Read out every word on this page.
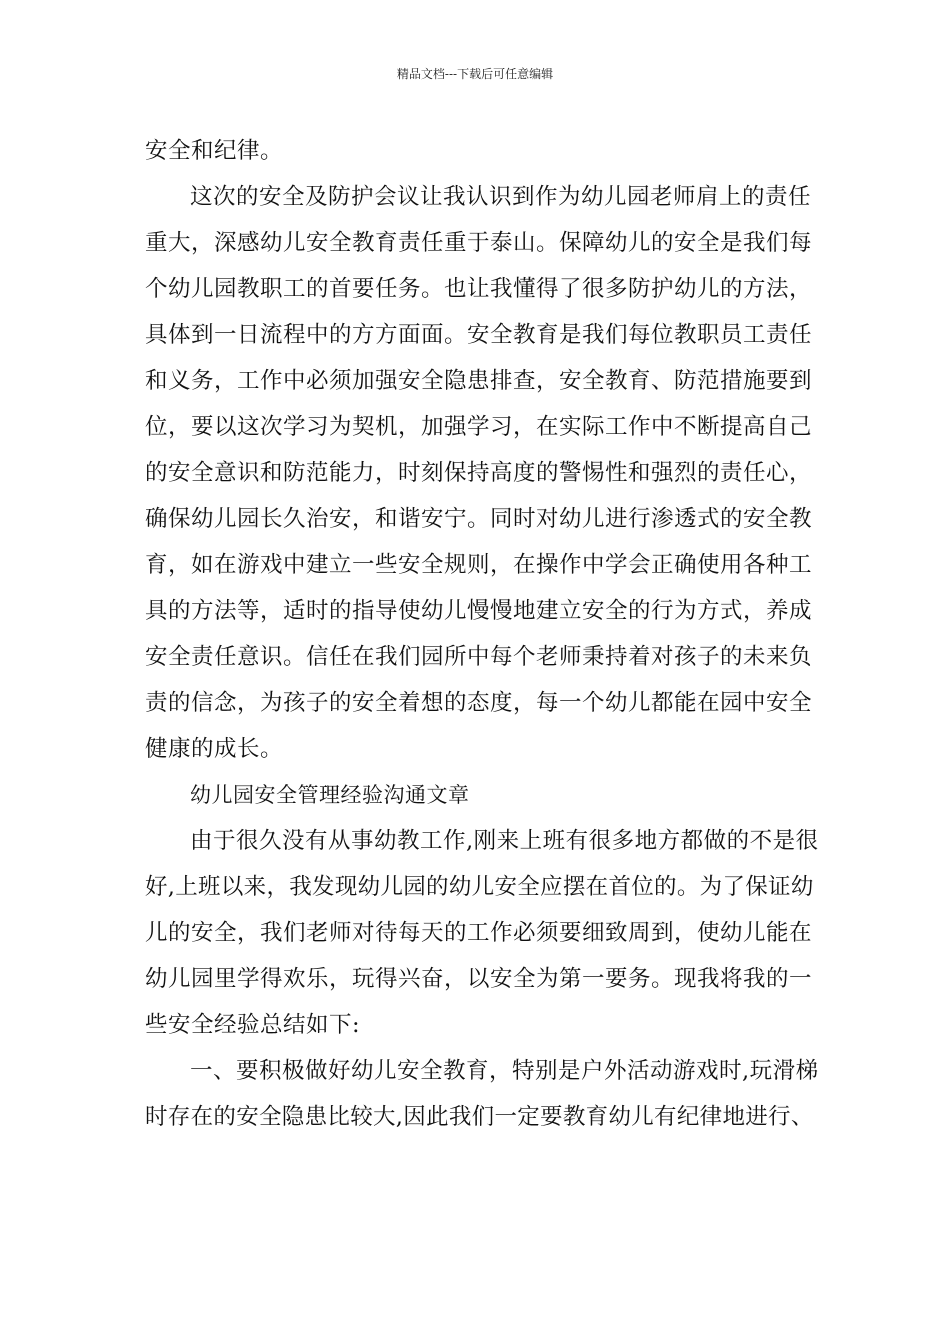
精品文档---下载后可任意编辑
安全和纪律。
这次的安全及防护会议让我认识到作为幼儿园老师肩上的责任
重大，深感幼儿安全教育责任重于泰山。保障幼儿的安全是我们每
个幼儿园教职工的首要任务。也让我懂得了很多防护幼儿的方法，
具体到一日流程中的方方面面。安全教育是我们每位教职员工责任
和义务，工作中必须加强安全隐患排查，安全教育、防范措施要到
位，要以这次学习为契机，加强学习，在实际工作中不断提高自己
的安全意识和防范能力，时刻保持高度的警惕性和强烈的责任心，
确保幼儿园长久治安，和谐安宁。同时对幼儿进行渗透式的安全教
育，如在游戏中建立一些安全规则，在操作中学会正确使用各种工
具的方法等，适时的指导使幼儿慢慢地建立安全的行为方式，养成
安全责任意识。信任在我们园所中每个老师秉持着对孩子的未来负
责的信念，为孩子的安全着想的态度，每一个幼儿都能在园中安全
健康的成长。
幼儿园安全管理经验沟通文章
由于很久没有从事幼教工作,刚来上班有很多地方都做的不是很
好,上班以来，我发现幼儿园的幼儿安全应摆在首位的。为了保证幼
儿的安全，我们老师对待每天的工作必须要细致周到，使幼儿能在
幼儿园里学得欢乐，玩得兴奋，以安全为第一要务。现我将我的一
些安全经验总结如下:
一、要积极做好幼儿安全教育，特别是户外活动游戏时,玩滑梯
时存在的安全隐患比较大,因此我们一定要教育幼儿有纪律地进行、
